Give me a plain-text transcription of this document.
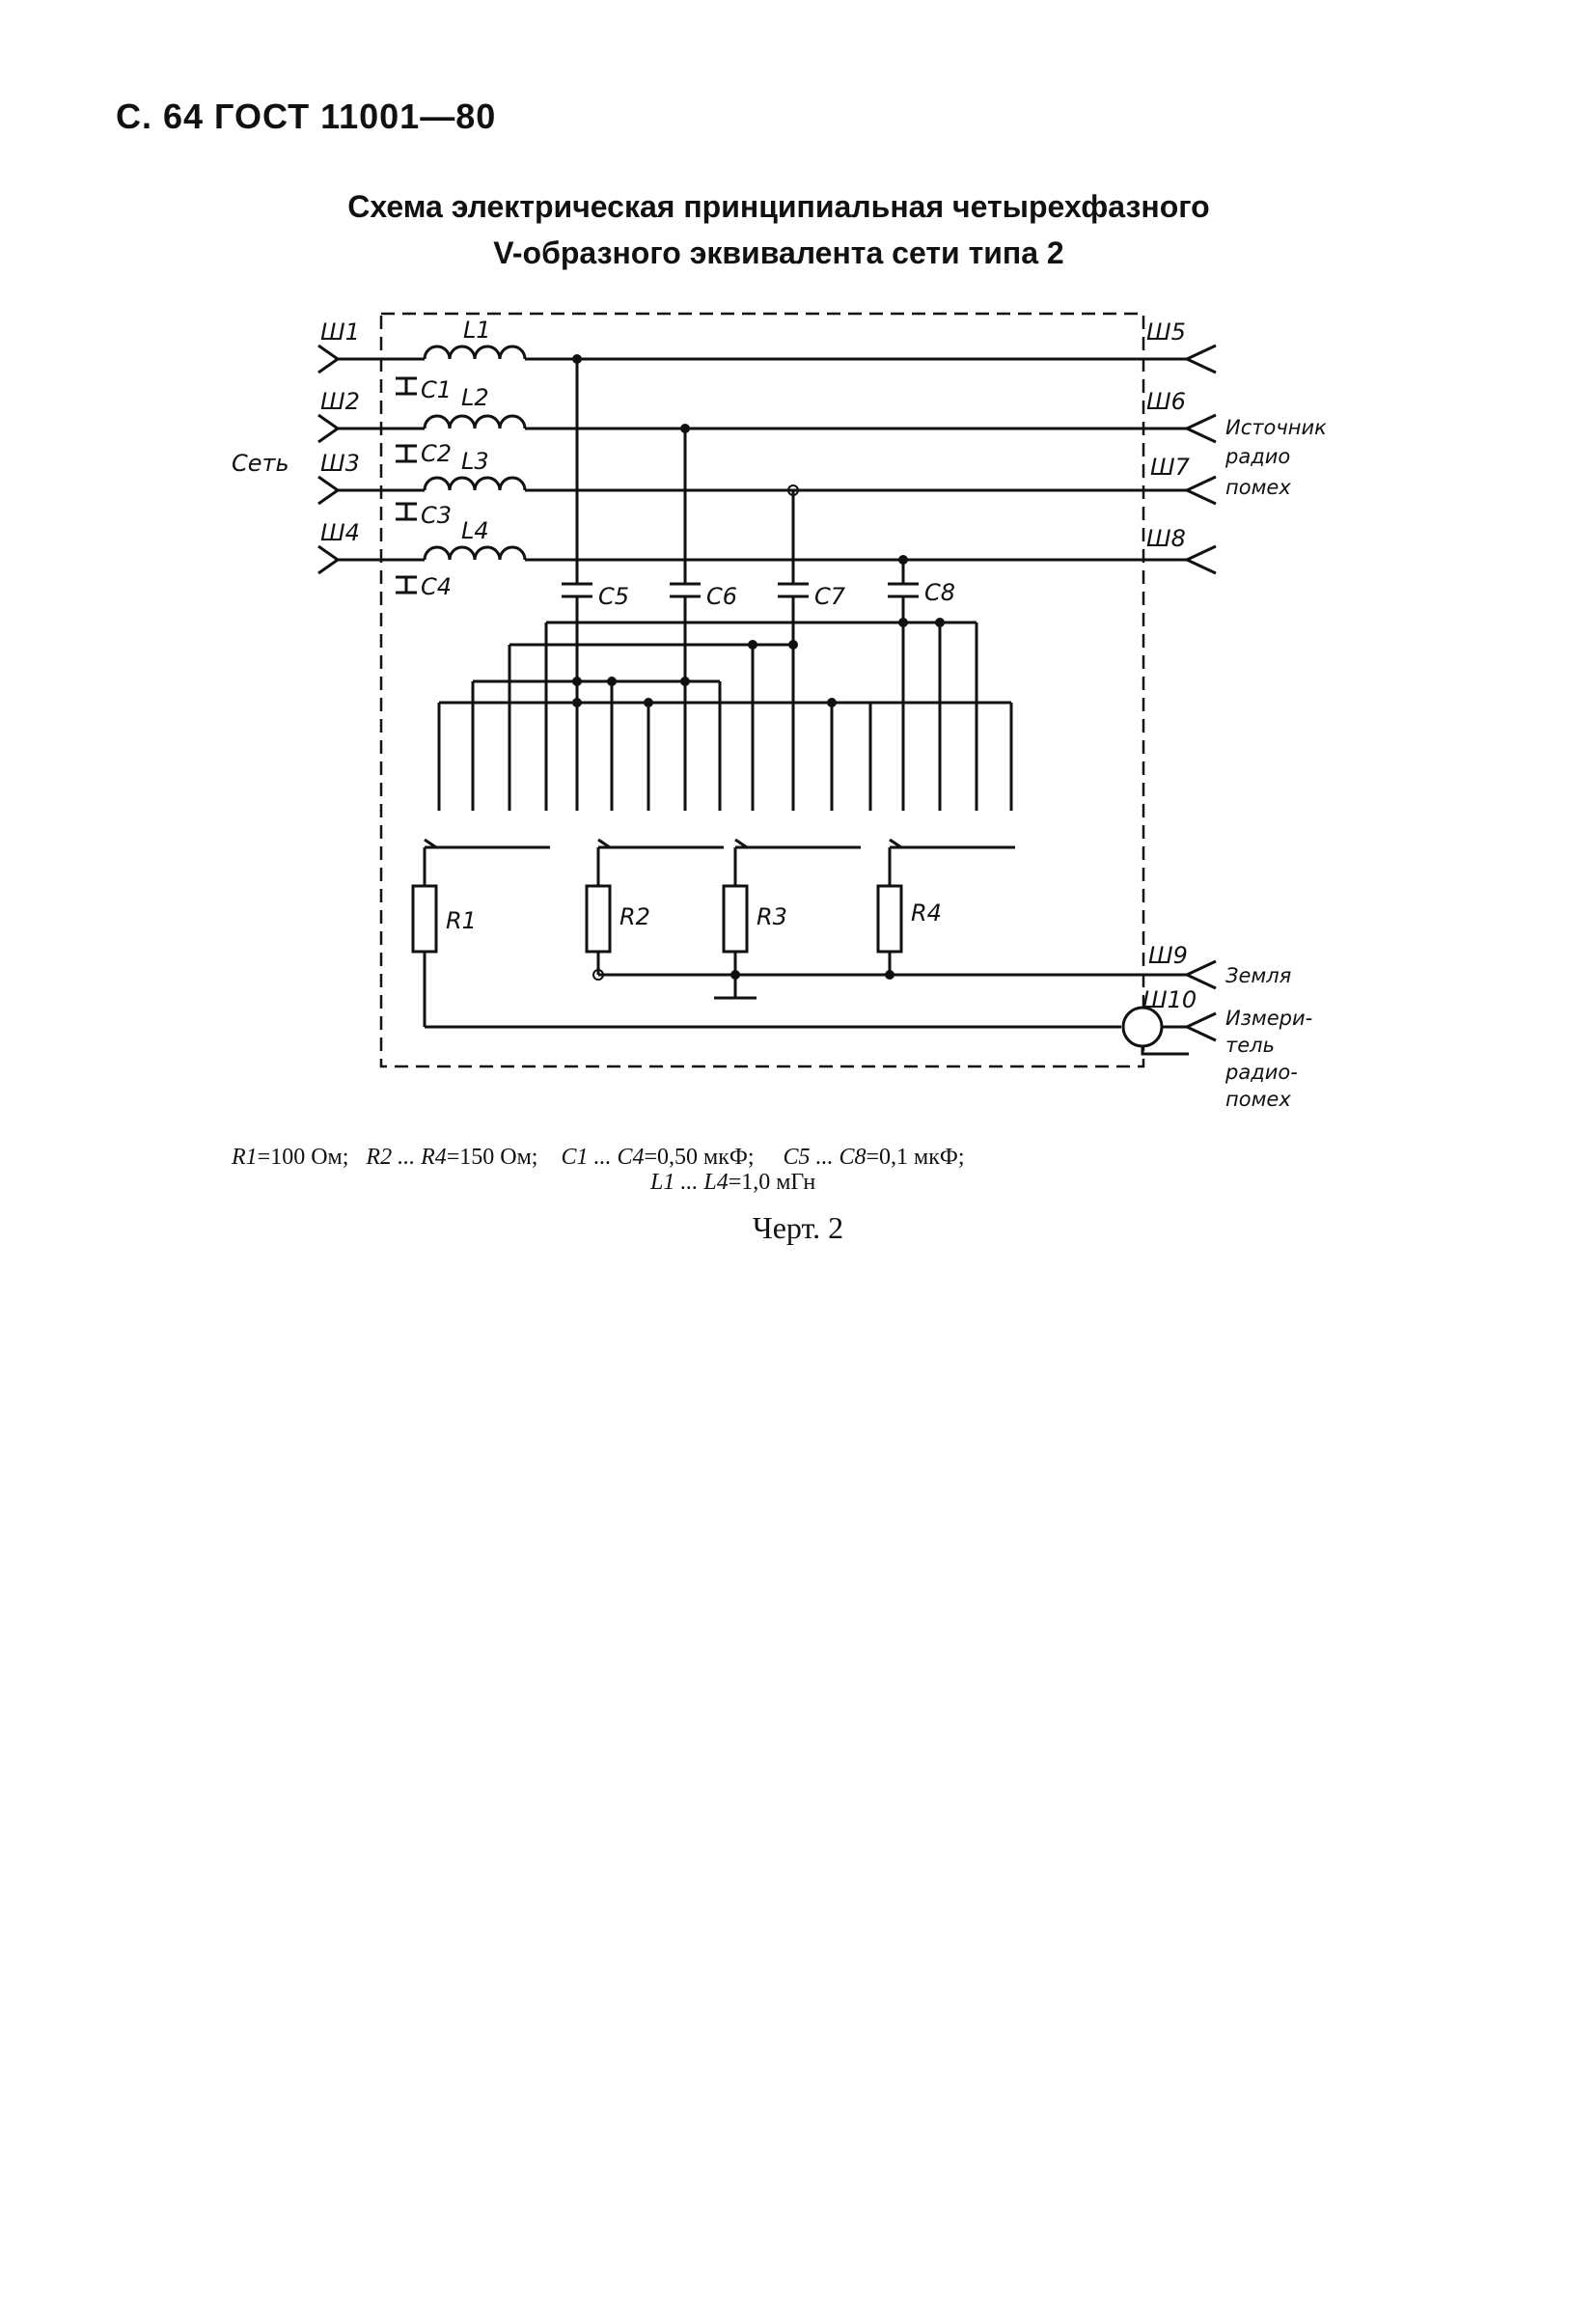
С. 64 ГОСТ 11001—80
Схема электрическая принципиальная четырехфазного
V-образного эквивалента сети типа 2
Ш1
Ш2
Ш3
Ш4
Ш5
Ш6
Ш7
Ш8
Ш9
Ш10
L1
L2
L3
L4
C1
C2
C3
C4	C5	C6	C7	C8
R1	R2	R3	R4
Сеть
Источник
радио
помех
Земля
Измери-
тель
радио-
помех
R1=100 Ом; R2 ... R4=150 Ом; C1 ... C4=0,50 мкФ; C5 ... C8=0,1 мкФ;
L1 ... L4=1,0 мГн
Черт. 2
